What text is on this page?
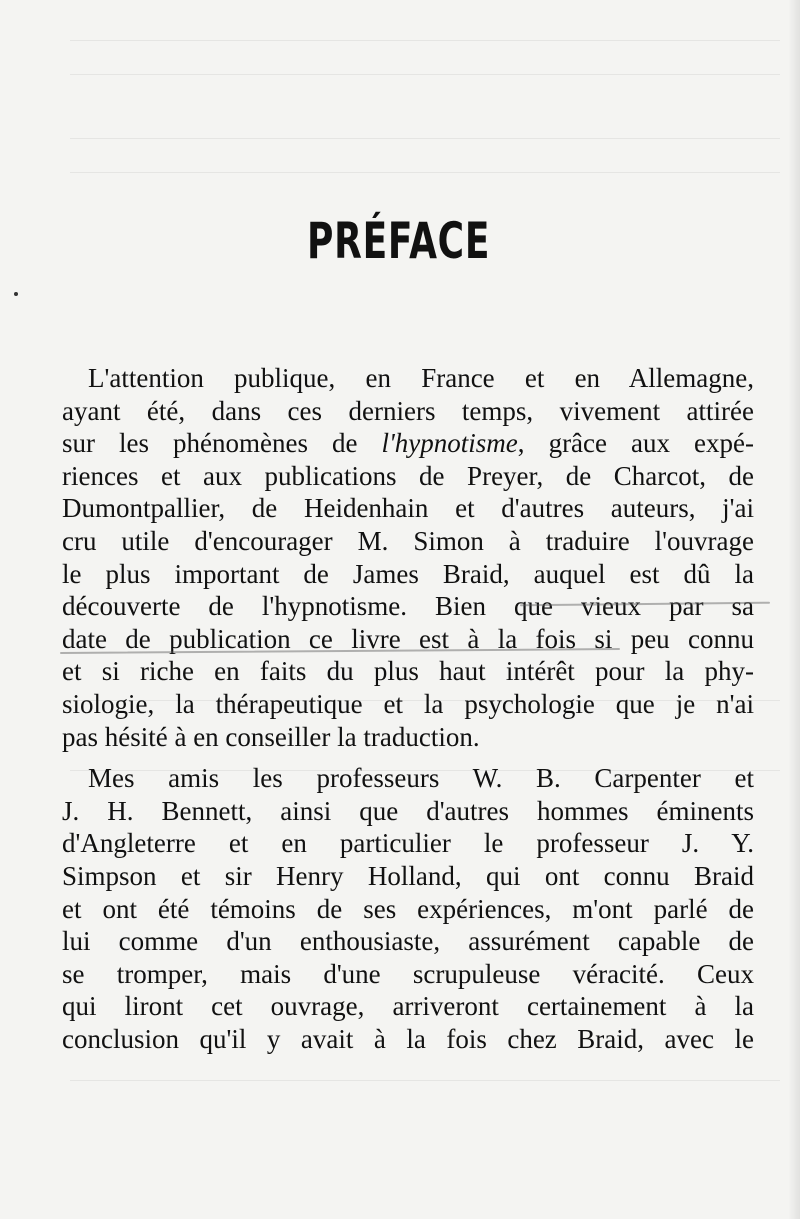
PRÉFACE
L'attention publique, en France et en Allemagne,
ayant été, dans ces derniers temps, vivement attirée
sur les phénomènes de l'hypnotisme, grâce aux expé-
riences et aux publications de Preyer, de Charcot, de
Dumontpallier, de Heidenhain et d'autres auteurs, j'ai
cru utile d'encourager M. Simon à traduire l'ouvrage
le plus important de James Braid, auquel est dû la
découverte de l'hypnotisme. Bien que vieux par sa
date de publication ce livre est à la fois si peu connu
et si riche en faits du plus haut intérêt pour la phy-
siologie, la thérapeutique et la psychologie que je n'ai
pas hésité à en conseiller la traduction.
Mes amis les professeurs W. B. Carpenter et
J. H. Bennett, ainsi que d'autres hommes éminents
d'Angleterre et en particulier le professeur J. Y.
Simpson et sir Henry Holland, qui ont connu Braid
et ont été témoins de ses expériences, m'ont parlé de
lui comme d'un enthousiaste, assurément capable de
se tromper, mais d'une scrupuleuse véracité. Ceux
qui liront cet ouvrage, arriveront certainement à la
conclusion qu'il y avait à la fois chez Braid, avec le
